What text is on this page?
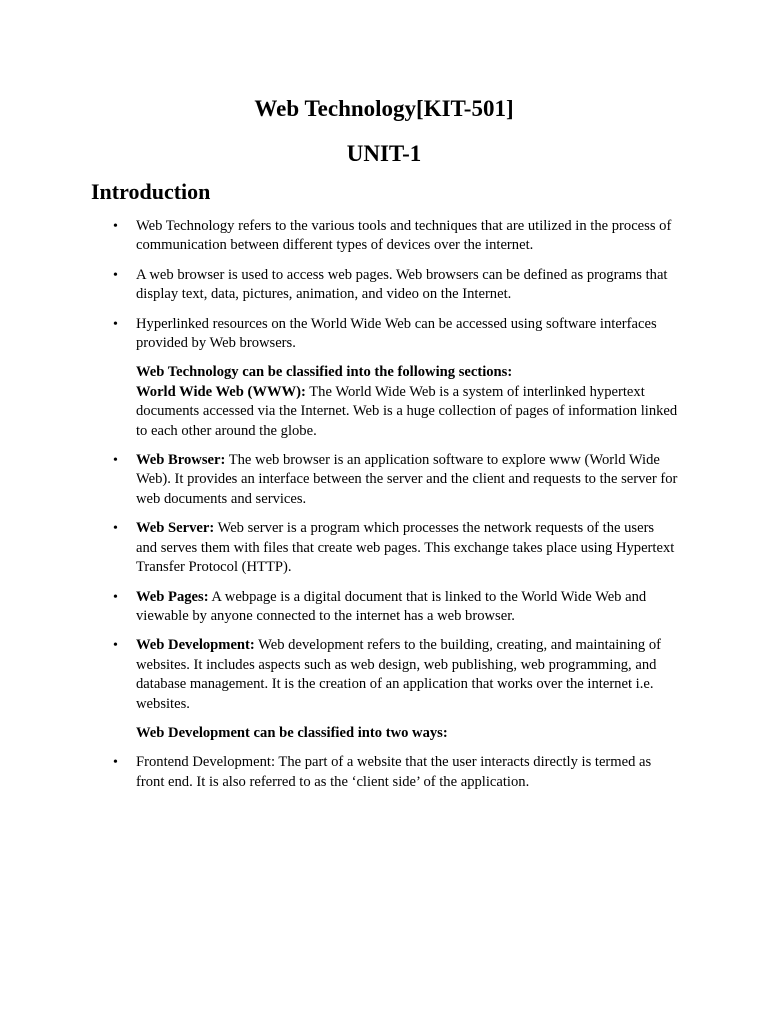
Web Technology[KIT-501]
UNIT-1
Introduction
• Web Technology refers to the various tools and techniques that are utilized in the process of communication between different types of devices over the internet.
• A web browser is used to access web pages. Web browsers can be defined as programs that display text, data, pictures, animation, and video on the Internet.
• Hyperlinked resources on the World Wide Web can be accessed using software interfaces provided by Web browsers.
Web Technology can be classified into the following sections:
World Wide Web (WWW): The World Wide Web is a system of interlinked hypertext documents accessed via the Internet. Web is a huge collection of pages of information linked to each other around the globe.
• Web Browser: The web browser is an application software to explore www (World Wide Web). It provides an interface between the server and the client and requests to the server for web documents and services.
• Web Server: Web server is a program which processes the network requests of the users and serves them with files that create web pages. This exchange takes place using Hypertext Transfer Protocol (HTTP).
• Web Pages: A webpage is a digital document that is linked to the World Wide Web and viewable by anyone connected to the internet has a web browser.
• Web Development: Web development refers to the building, creating, and maintaining of websites. It includes aspects such as web design, web publishing, web programming, and database management. It is the creation of an application that works over the internet i.e. websites.
Web Development can be classified into two ways:
• Frontend Development: The part of a website that the user interacts directly is termed as front end. It is also referred to as the ‘client side’ of the application.
